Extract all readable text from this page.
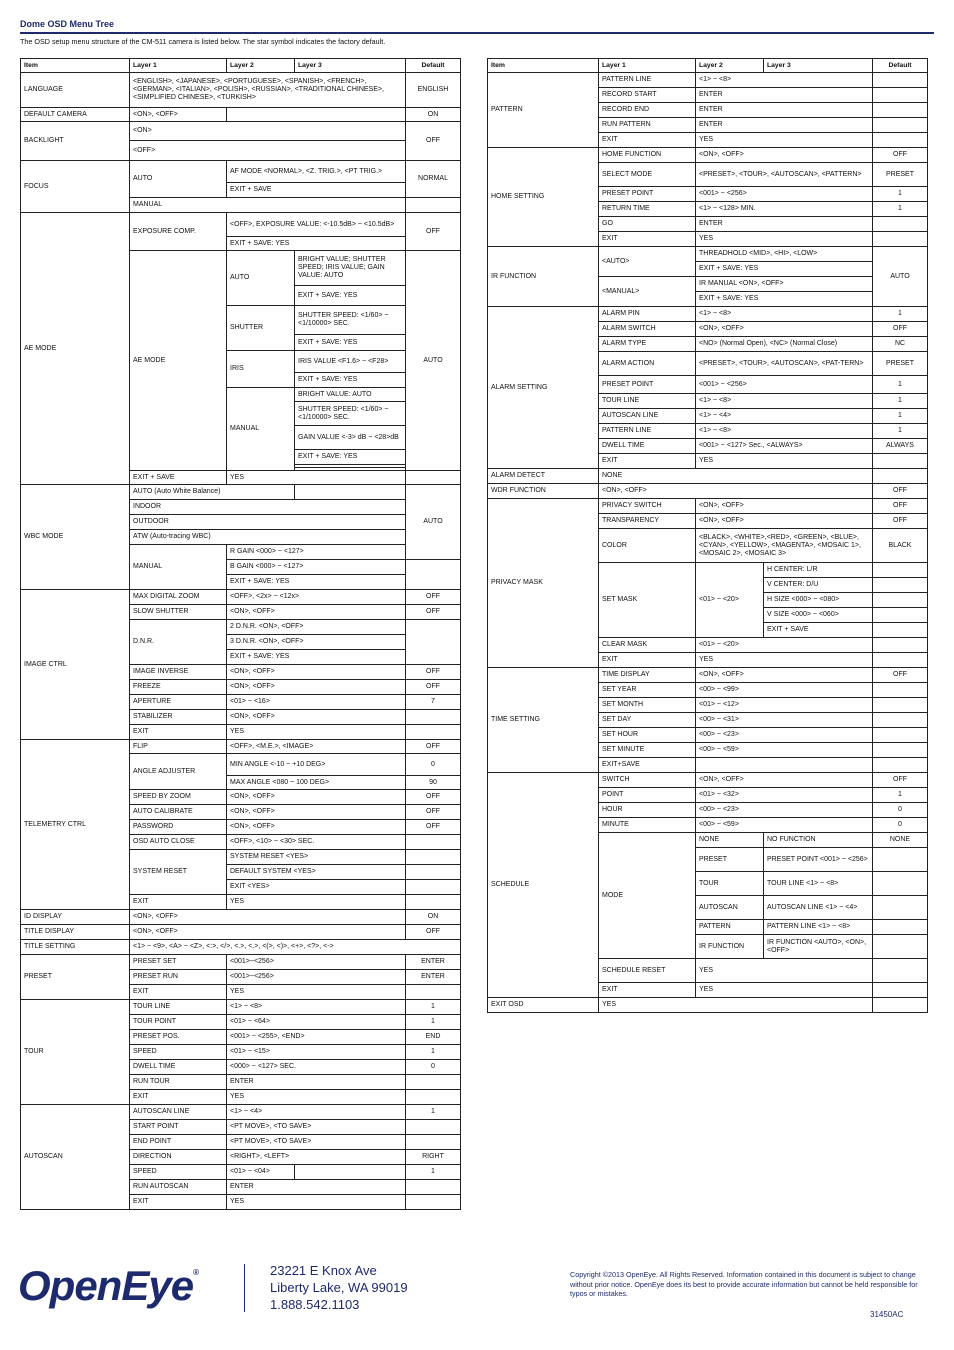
Dome OSD Menu Tree
The OSD setup menu structure of the CM-511 camera is listed below. The star symbol indicates the factory default.
Item	Layer 1	Layer 2	Layer 3	Default
LANGUAGE	<ENGLISH>, <JAPANESE>, <PORTUGUESE>, <SPANISH>, <FRENCH>, <GERMAN>, <ITALIAN>, <POLISH>, <RUSSIAN>, <TRADITIONAL CHINESE>,<SIMPLIFIED CHINESE>, <TURKISH>			ENGLISH
DEFAULT CAMERA	<ON>, <OFF>			ON
BACKLIGHT	<ON>			OFF
	<OFF>			
FOCUS	AUTO	AF MODE <NORMAL>, <Z. TRIG.>, <PT TRIG.>		NORMAL
		EXIT + SAVE		
	MANUAL			
AE MODE	EXPOSURE COMP.	<OFF>, EXPOSURE VALUE: <-10.5dB> ~ <10.5dB>		OFF
		EXIT + SAVE: YES		
	AE MODE	AUTO	BRIGHT VALUE; SHUTTER SPEED; IRIS VALUE; GAIN VALUE: AUTO	AUTO
			EXIT + SAVE: YES	
		SHUTTER	SHUTTER SPEED: <1/60> ~ <1/10000> SEC.	
			EXIT + SAVE: YES	
		IRIS	IRIS VALUE <F1.6> ~ <F28>	
			EXIT + SAVE: YES	
		MANUAL	BRIGHT VALUE: AUTO	
			SHUTTER SPEED: <1/60> ~ <1/10000> SEC.	
			GAIN VALUE <-3> dB ~ <28>dB	
			EXIT + SAVE: YES	

	EXIT + SAVE	YES		
WBC MODE	AUTO (Auto White Balance)			AUTO
	INDOOR			
	OUTDOOR			
	ATW (Auto-tracing WBC)			
	MANUAL	R GAIN <000> ~ <127>		
		B GAIN <000> ~ <127>		
		EXIT + SAVE: YES		
IMAGE CTRL	MAX DIGITAL ZOOM	<OFF>, <2x> ~ <12x>		OFF
	SLOW SHUTTER	<ON>, <OFF>		OFF
	D.N.R.	2 D.N.R. <ON>, <OFF>		
		3 D.N.R. <ON>, <OFF>		
		EXIT + SAVE: YES		
	IMAGE INVERSE	<ON>, <OFF>		OFF
	FREEZE	<ON>, <OFF>		OFF
	APERTURE	<01> ~ <16>		7
	STABILIZER	<ON>, <OFF>		
	EXIT	YES		
TELEMETRY CTRL	FLIP	<OFF>, <M.E.>, <IMAGE>		OFF
	ANGLE ADJUSTER	MIN ANGLE <-10 ~ +10 DEG>		0
		MAX ANGLE <080 ~ 100 DEG>		90
	SPEED BY ZOOM	<ON>, <OFF>		OFF
	AUTO CALIBRATE	<ON>, <OFF>		OFF
	PASSWORD	<ON>, <OFF>		OFF
	OSD AUTO CLOSE	<OFF>, <10> ~ <30> SEC.		
	SYSTEM RESET	SYSTEM RESET <YES>		
		DEFAULT SYSTEM <YES>		
		EXIT <YES>		
	EXIT	YES		
ID DISPLAY	<ON>, <OFF>			ON
TITLE DISPLAY	<ON>, <OFF>			OFF
TITLE SETTING	<1> ~ <9>, <A> ~ <Z>, <:>, </>, <.>, <.>, <(>, <)>, <+>, <?>, <->			
PRESET	PRESET SET	<001>~<256>		ENTER
	PRESET RUN	<001>~<256>		ENTER
	EXIT	YES		
TOUR	TOUR LINE	<1> ~ <8>		1
	TOUR POINT	<01> ~ <64>		1
	PRESET POS.	<001> ~ <255>, <END>		END
	SPEED	<01> ~ <15>		1
	DWELL TIME	<000> ~ <127> SEC.		0
	RUN TOUR	ENTER		
	EXIT	YES		
AUTOSCAN	AUTOSCAN LINE	<1> ~ <4>		1
	START POINT	<PT MOVE>, <TO SAVE>		
	END POINT	<PT MOVE>, <TO SAVE>		
	DIRECTION	<RIGHT>, <LEFT>		RIGHT
	SPEED	<01> ~ <04>		1
	RUN AUTOSCAN	ENTER		
	EXIT	YES		
Item	Layer 1	Layer 2	Layer 3	Default
PATTERN	PATTERN LINE	<1> ~ <8>		
	RECORD START	ENTER		
	RECORD END	ENTER		
	RUN PATTERN	ENTER		
	EXIT	YES		
HOME SETTING	HOME FUNCTION	<ON>, <OFF>		OFF
	SELECT MODE	<PRESET>, <TOUR>, <AUTOSCAN>, <PATTERN>		PRESET
	PRESET POINT	<001> ~ <256>		1
	RETURN TIME	<1> ~ <128> MIN.		1
	GO	ENTER		
	EXIT	YES		
IR FUNCTION	<AUTO>	THREADHOLD <MID>, <HI>, <LOW>		AUTO
		EXIT + SAVE: YES		
	<MANUAL>	IR MANUAL <ON>, <OFF>		
		EXIT + SAVE: YES		
ALARM SETTING	ALARM PIN	<1> ~ <8>		1
	ALARM SWITCH	<ON>, <OFF>		OFF
	ALARM TYPE	<NO> (Normal Open), <NC> (Normal Close)		NC
	ALARM ACTION	<PRESET>, <TOUR>, <AUTOSCAN>, <PAT-TERN>		PRESET
	PRESET POINT	<001> ~ <256>		1
	TOUR LINE	<1> ~ <8>		1
	AUTOSCAN LINE	<1> ~ <4>		1
	PATTERN LINE	<1> ~ <8>		1
	DWELL TIME	<001> ~ <127> Sec., <ALWAYS>		ALWAYS
	EXIT	YES		
ALARM DETECT	NONE			
WDR FUNCTION	<ON>, <OFF>			OFF
PRIVACY MASK	PRIVACY SWITCH	<ON>, <OFF>		OFF
	TRANSPARENCY	<ON>, <OFF>		OFF
	COLOR	<BLACK>, <WHITE>,<RED>, <GREEN>, <BLUE>, <CYAN>, <YELLOW>, <MAGENTA>, <MOSAIC 1>, <MOSAIC 2>, <MOSAIC 3>		BLACK
	SET MASK	<01> ~ <20>	H CENTER: L/R	
			V CENTER: D/U	
			H SIZE <000> ~ <080>	
			V SIZE <000> ~ <060>	
			EXIT + SAVE	
	CLEAR MASK	<01> ~ <20>		
	EXIT	YES		
TIME SETTING	TIME DISPLAY	<ON>, <OFF>		OFF
	SET YEAR	<00> ~ <99>		
	SET MONTH	<01> ~ <12>		
	SET DAY	<00> ~ <31>		
	SET HOUR	<00> ~ <23>		
	SET MINUTE	<00> ~ <59>		
	EXIT+SAVE			
SCHEDULE	SWITCH	<ON>, <OFF>		OFF
	POINT	<01> ~ <32>		1
	HOUR	<00> ~ <23>		0
	MINUTE	<00> ~ <59>		0
	MODE	NONE	NO FUNCTION	NONE
		PRESET	PRESET POINT <001> ~ <256>	
		TOUR	TOUR LINE <1> ~ <8>	
		AUTOSCAN	AUTOSCAN LINE <1> ~ <4>	
		PATTERN	PATTERN LINE <1> ~ <8>	
		IR FUNCTION	IR FUNCTION <AUTO>, <ON>, <OFF>	
	SCHEDULE RESET	YES		
	EXIT	YES		
EXIT OSD	YES			
OpenEye®	23221 E Knox Ave
Liberty Lake, WA 99019
1.888.542.1103
Copyright ©2013 OpenEye. All Rights Reserved. Information contained in this document is subject to change without prior notice. OpenEye does its best to provide accurate information but cannot be held responsible for typos or mistakes.
31450AC
